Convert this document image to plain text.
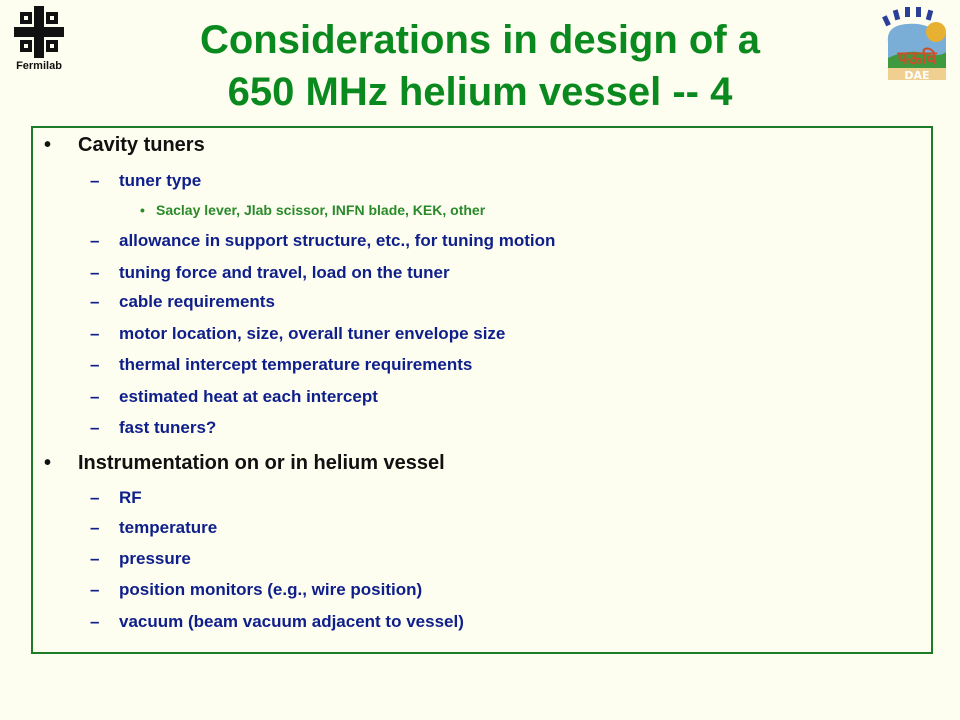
Fermilab	पऊवि
DAE
Considerations in design of a
650 MHz helium vessel -- 4
• Cavity tuners
– tuner type
• Saclay lever, Jlab scissor, INFN blade, KEK, other
– allowance in support structure, etc., for tuning motion
– tuning force and travel, load on the tuner
– cable requirements
– motor location, size, overall tuner envelope size
– thermal intercept temperature requirements
– estimated heat at each intercept
– fast tuners?
• Instrumentation on or in helium vessel
– RF
– temperature
– pressure
– position monitors (e.g., wire position)
– vacuum (beam vacuum adjacent to vessel)
